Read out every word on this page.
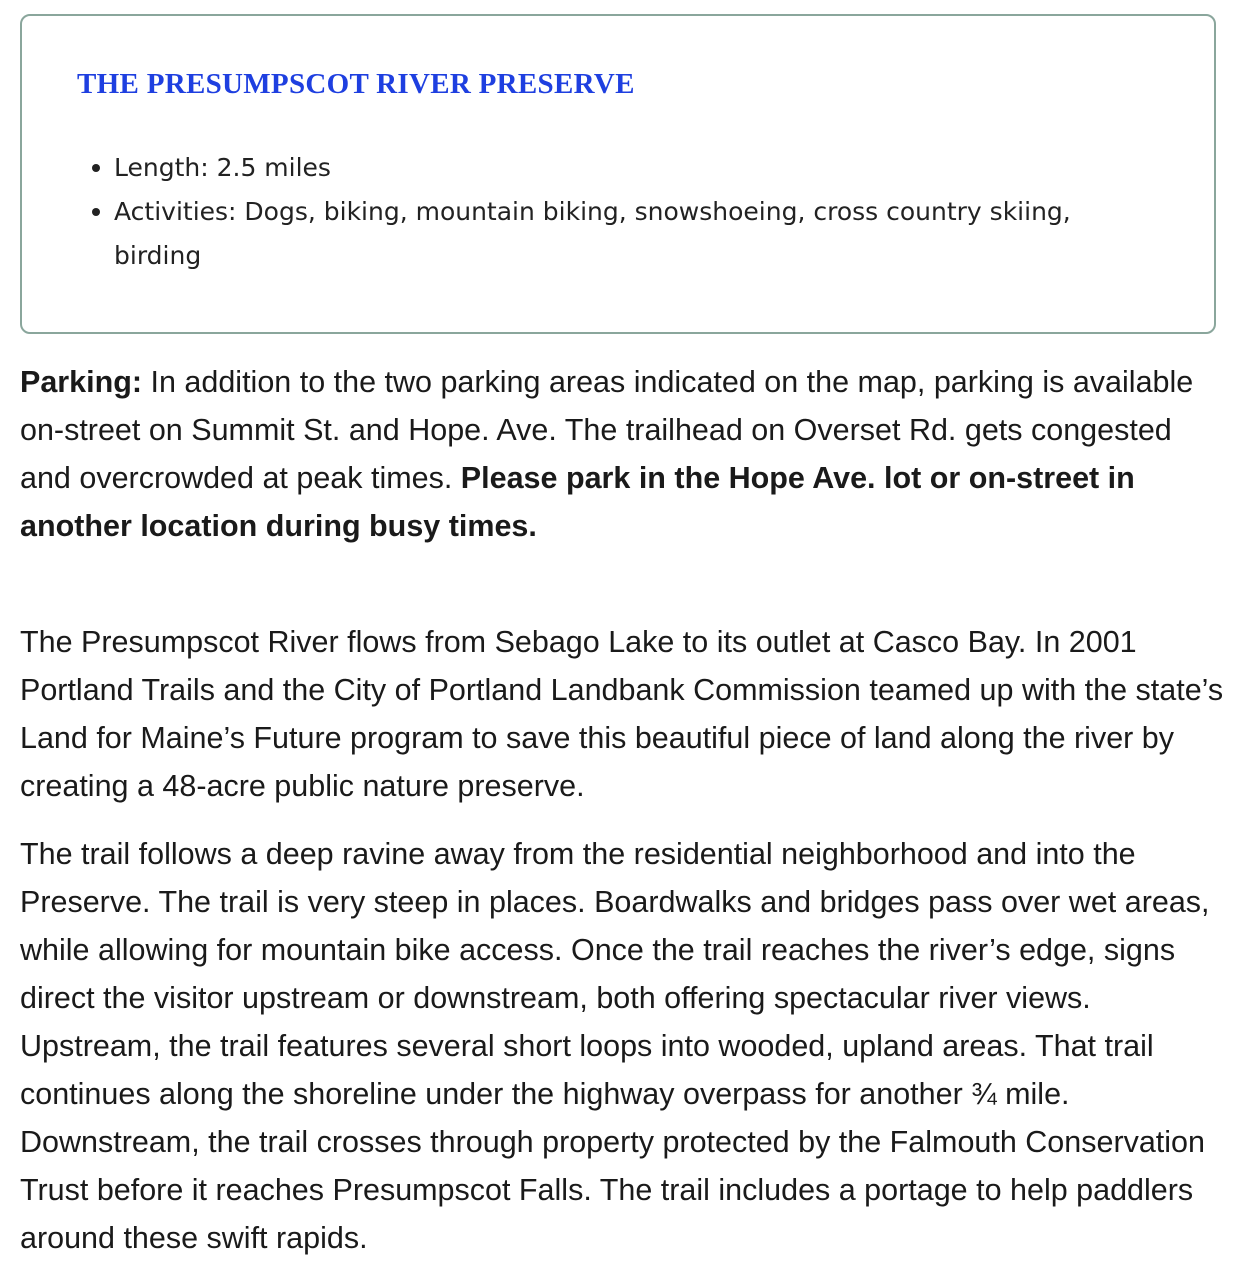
THE PRESUMPSCOT RIVER PRESERVE
Length: 2.5 miles
Activities: Dogs, biking, mountain biking, snowshoeing, cross country skiing, birding

Parking: In addition to the two parking areas indicated on the map, parking is available on-street on Summit St. and Hope. Ave. The trailhead on Overset Rd. gets congested and overcrowded at peak times. Please park in the Hope Ave. lot or on-street in another location during busy times.

The Presumpscot River flows from Sebago Lake to its outlet at Casco Bay. In 2001 Portland Trails and the City of Portland Landbank Commission teamed up with the state’s Land for Maine’s Future program to save this beautiful piece of land along the river by creating a 48-acre public nature preserve.

The trail follows a deep ravine away from the residential neighborhood and into the Preserve. The trail is very steep in places. Boardwalks and bridges pass over wet areas, while allowing for mountain bike access. Once the trail reaches the river’s edge, signs direct the visitor upstream or downstream, both offering spectacular river views. Upstream, the trail features several short loops into wooded, upland areas. That trail continues along the shoreline under the highway overpass for another ¾ mile. Downstream, the trail crosses through property protected by the Falmouth Conservation Trust before it reaches Presumpscot Falls. The trail includes a portage to help paddlers around these swift rapids.
